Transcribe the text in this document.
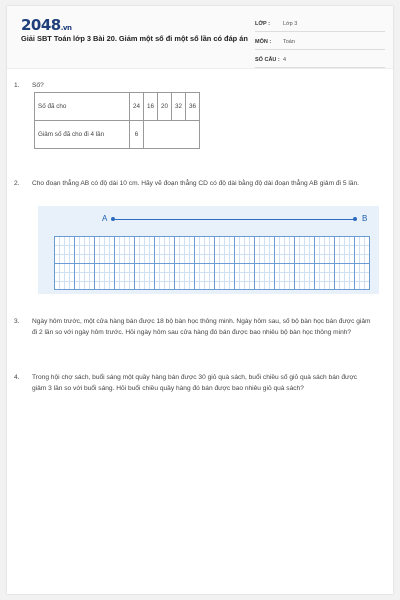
2048.vn
Giải SBT Toán lớp 3 Bài 20. Giảm một số đi một số lần có đáp án
LỚP : Lớp 3
MÔN : Toán
SỐ CÂU : 4
1.	Số?
Số đã cho	24	16	20	32	36
Giảm số đã cho đi 4 lần	6				
2.	Cho đoạn thẳng AB có độ dài 10 cm. Hãy vẽ đoạn thẳng CD có độ dài bằng độ dài đoạn thẳng AB giảm đi 5 lần.
A	B
3.	Ngày hôm trước, một cửa hàng bán được 18 bộ bàn học thông minh. Ngày hôm sau, số bộ bàn học bán được giảm đi 2 lần so với ngày hôm trước. Hỏi ngày hôm sau cửa hàng đó bán được bao nhiêu bộ bàn học thông minh?
4.	Trong hội chợ sách, buổi sáng một quầy hàng bán được 30 giỏ quà sách, buổi chiều số giỏ quà sách bán được giảm 3 lần so với buổi sáng. Hỏi buổi chiều quầy hàng đó bán được bao nhiêu giỏ quà sách?
